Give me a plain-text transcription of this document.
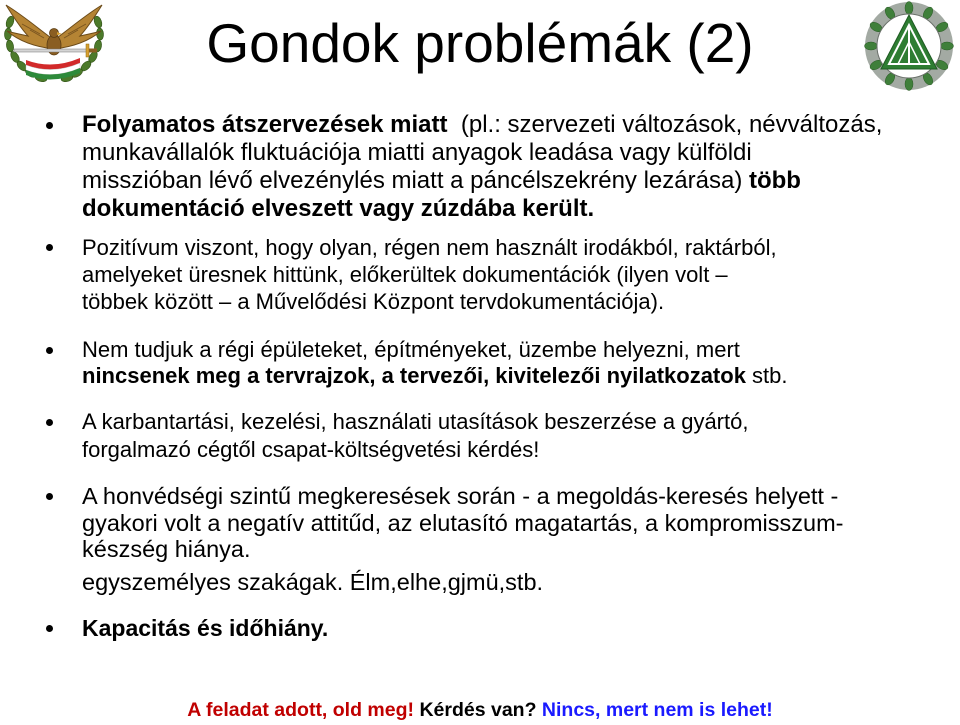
Gondok problémák (2)
Folyamatos átszervezések miatt  (pl.: szervezeti változások, névváltozás,
munkavállalók fluktuációja miatti anyagok leadása vagy külföldi
misszióban lévő elvezénylés miatt a páncélszekrény lezárása) több
dokumentáció elveszett vagy zúzdába került.
Pozitívum viszont, hogy olyan, régen nem használt irodákból, raktárból,
amelyeket üresnek hittünk, előkerültek dokumentációk (ilyen volt –
többek között – a Művelődési Központ tervdokumentációja).
Nem tudjuk a régi épületeket, építményeket, üzembe helyezni, mert
nincsenek meg a tervrajzok, a tervezői, kivitelezői nyilatkozatok stb.
A karbantartási, kezelési, használati utasítások beszerzése a gyártó,
forgalmazó cégtől csapat-költségvetési kérdés!
A honvédségi szintű megkeresések során - a megoldás-keresés helyett -
gyakori volt a negatív attitűd, az elutasító magatartás, a kompromisszum-
készség hiánya.
egyszemélyes szakágak. Élm,elhe,gjmü,stb.
Kapacitás és időhiány.
A feladat adott, old meg! Kérdés van? Nincs, mert nem is lehet!
